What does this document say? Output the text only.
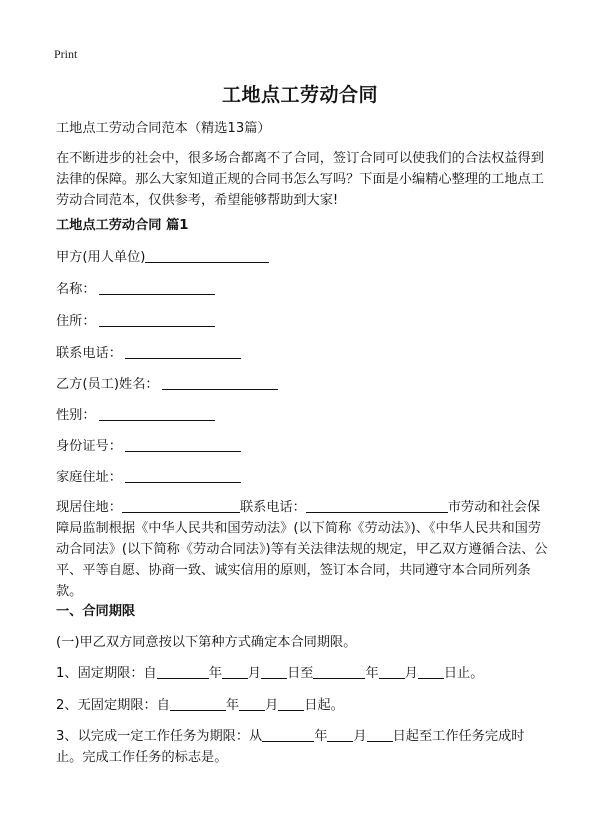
Print
工地点工劳动合同
工地点工劳动合同范本（精选13篇）
在不断进步的社会中，很多场合都离不了合同，签订合同可以使我们的合法权益得到法律的保障。那么大家知道正规的合同书怎么写吗？下面是小编精心整理的工地点工劳动合同范本，仅供参考，希望能够帮助到大家!
工地点工劳动合同 篇1
甲方(用人单位)
名称：
住所：
联系电话：
乙方(员工)姓名：
性别：
身份证号：
家庭住址：
现居住地：	联系电话：	市劳动和社会保障局监制根据《中华人民共和国劳动法》(以下简称《劳动法》)、《中华人民共和国劳动合同法》(以下简称《劳动合同法》)等有关法律法规的规定，甲乙双方遵循合法、公平、平等自愿、协商一致、诚实信用的原则，签订本合同，共同遵守本合同所列条款。
一、合同期限
(一)甲乙双方同意按以下第种方式确定本合同期限。
1、固定期限：自	年 月 日至	年 月 日止。
2、无固定期限：自	年 月 日起。
3、以完成一定工作任务为期限：从	年 月 日起至工作任务完成时止。完成工作任务的标志是。
